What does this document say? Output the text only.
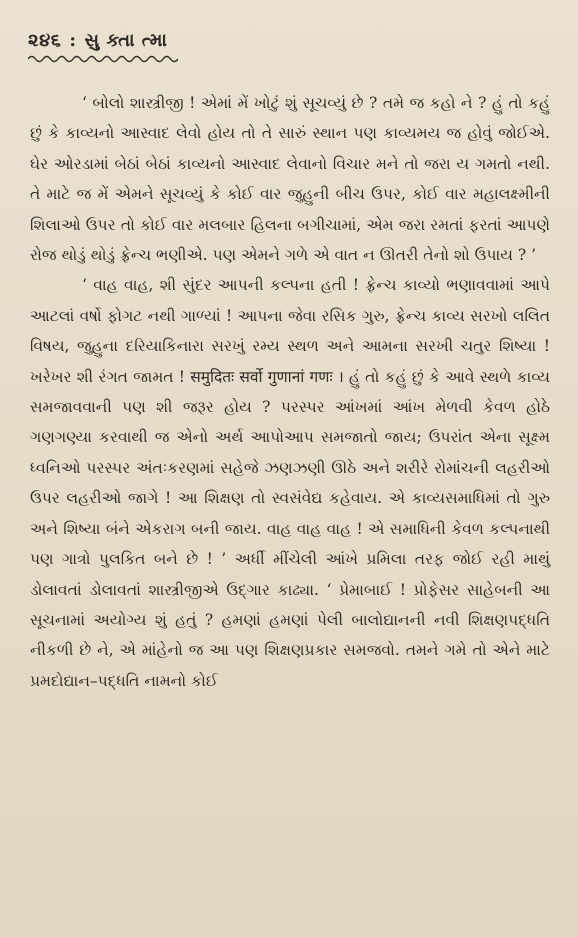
૨૪૬ : સુ ક્તા ત્મા

‘ બોલો શાસ્ત્રીજી ! એમાં મેં ખોટું શું સૂચવ્યું છે ? તમે જ કહો ને ? હું તો કહું છું કે કાવ્યનો આસ્વાદ લેવો હોય તો તે સારું સ્થાન પણ કાવ્યમય જ હોવું જોઈએ. ઘેર ઓરડામાં બેઠાં બેઠાં કાવ્યનો આસ્વાદ લેવાનો વિચાર મને તો જરા ય ગમતો નથી. તે માટે જ મેં એમને સૂચવ્યું કે કોઈ વાર જુહુની બીચ ઉપર, કોઈ વાર મહાલક્ષ્મીની શિલાઓ ઉપર તો કોઈ વાર મલબાર હિલના બગીચામાં, એમ જરા રમતાં ફરતાં આપણે રોજ થોડું થોડું ફ્રેન્ચ ભણીએ. પણ એમને ગળે એ વાત ન ઊતરી તેનો શો ઉપાય ? ’

‘ વાહ વાહ, શી સુંદર આપની કલ્પના હતી ! ફ્રેન્ચ કાવ્યો ભણાવવામાં આપે આટલાં વર્ષો ફોગટ નથી ગાળ્યાં ! આપના જેવા રસિક ગુરુ, ફ્રેન્ચ કાવ્ય સરખો લલિત વિષય, જુહુના દરિયાકિનારા સરખું રમ્ય સ્થળ અને આમના સરખી ચતુર શિષ્યા ! ખરેખર શી રંગત જામત ! समुदितः सर्वो गुणानां गणः । હું તો કહું છું કે આવે સ્થળે કાવ્ય સમજાવવાની પણ શી જરૂર હોય ? પરસ્પર આંખમાં આંખ મેળવી કેવળ હોઠે ગણગણ્યા કરવાથી જ એનો અર્થ આપોઆપ સમજાતો જાય; ઉપરાંત એના સૂક્ષ્મ ધ્વનિઓ પરસ્પર અંતઃકરણમાં સહેજે ઝણઝણી ઊઠે અને શરીરે રોમાંચની લહરીઓ ઉપર લહરીઓ જાગે ! આ શિક્ષણ તો સ્વસંવેદ્ય કહેવાય. એ કાવ્યસમાધિમાં તો ગુરુ અને શિષ્યા બંને એકરાગ બની જાય. વાહ વાહ વાહ ! એ સમાધિની કેવળ કલ્પનાથી પણ ગાત્રો પુલકિત બને છે ! ’ અર્ધી મીંચેલી આંખે પ્રમિલા તરફ જોઈ રહી માથું ડોલાવતાં ડોલાવતાં શાસ્ત્રીજીએ ઉદ્ગાર કાઢ્યા. ‘ પ્રેમાબાઈ ! પ્રોફેસર સાહેબની આ સૂચનામાં અયોગ્ય શું હતું ? હમણાં હમણાં પેલી બાલોદ્યાનની નવી શિક્ષણપદ્ધતિ નીકળી છે ને, એ માંહેનો જ આ પણ શિક્ષણપ્રકાર સમજવો. તમને ગમે તો એને માટે પ્રમદોદ્યાન–પદ્ધતિ નામનો કોઈ
